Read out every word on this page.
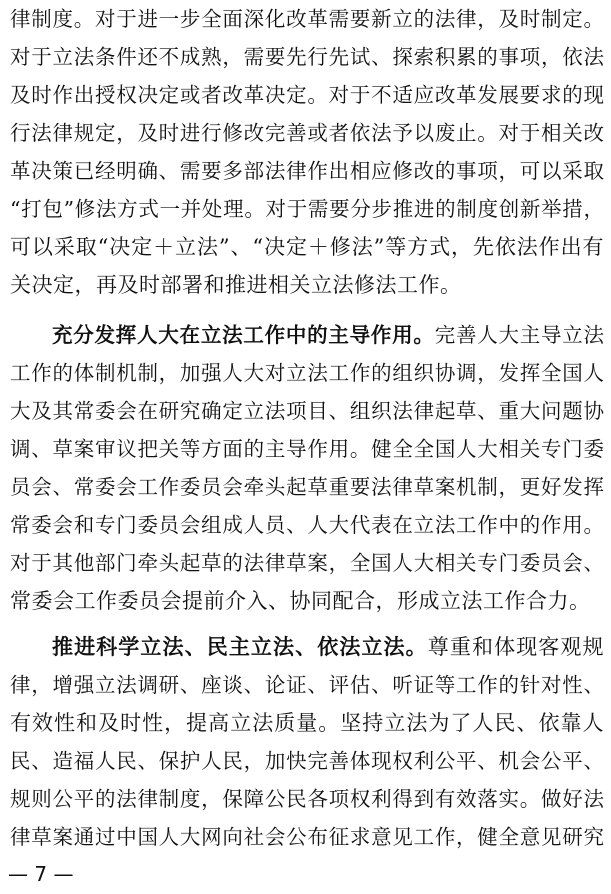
律制度。对于进一步全面深化改革需要新立的法律，及时制定。
对于立法条件还不成熟，需要先行先试、探索积累的事项，依法
及时作出授权决定或者改革决定。对于不适应改革发展要求的现
行法律规定，及时进行修改完善或者依法予以废止。对于相关改
革决策已经明确、需要多部法律作出相应修改的事项，可以采取
“打包”修法方式一并处理。对于需要分步推进的制度创新举措，
可以采取“决定＋立法”、“决定＋修法”等方式，先依法作出有
关决定，再及时部署和推进相关立法修法工作。
充分发挥人大在立法工作中的主导作用。完善人大主导立法
工作的体制机制，加强人大对立法工作的组织协调，发挥全国人
大及其常委会在研究确定立法项目、组织法律起草、重大问题协
调、草案审议把关等方面的主导作用。健全全国人大相关专门委
员会、常委会工作委员会牵头起草重要法律草案机制，更好发挥
常委会和专门委员会组成人员、人大代表在立法工作中的作用。
对于其他部门牵头起草的法律草案，全国人大相关专门委员会、
常委会工作委员会提前介入、协同配合，形成立法工作合力。
推进科学立法、民主立法、依法立法。尊重和体现客观规
律，增强立法调研、座谈、论证、评估、听证等工作的针对性、
有效性和及时性，提高立法质量。坚持立法为了人民、依靠人
民、造福人民、保护人民，加快完善体现权利公平、机会公平、
规则公平的法律制度，保障公民各项权利得到有效落实。做好法
律草案通过中国人大网向社会公布征求意见工作，健全意见研究
— 7 —
